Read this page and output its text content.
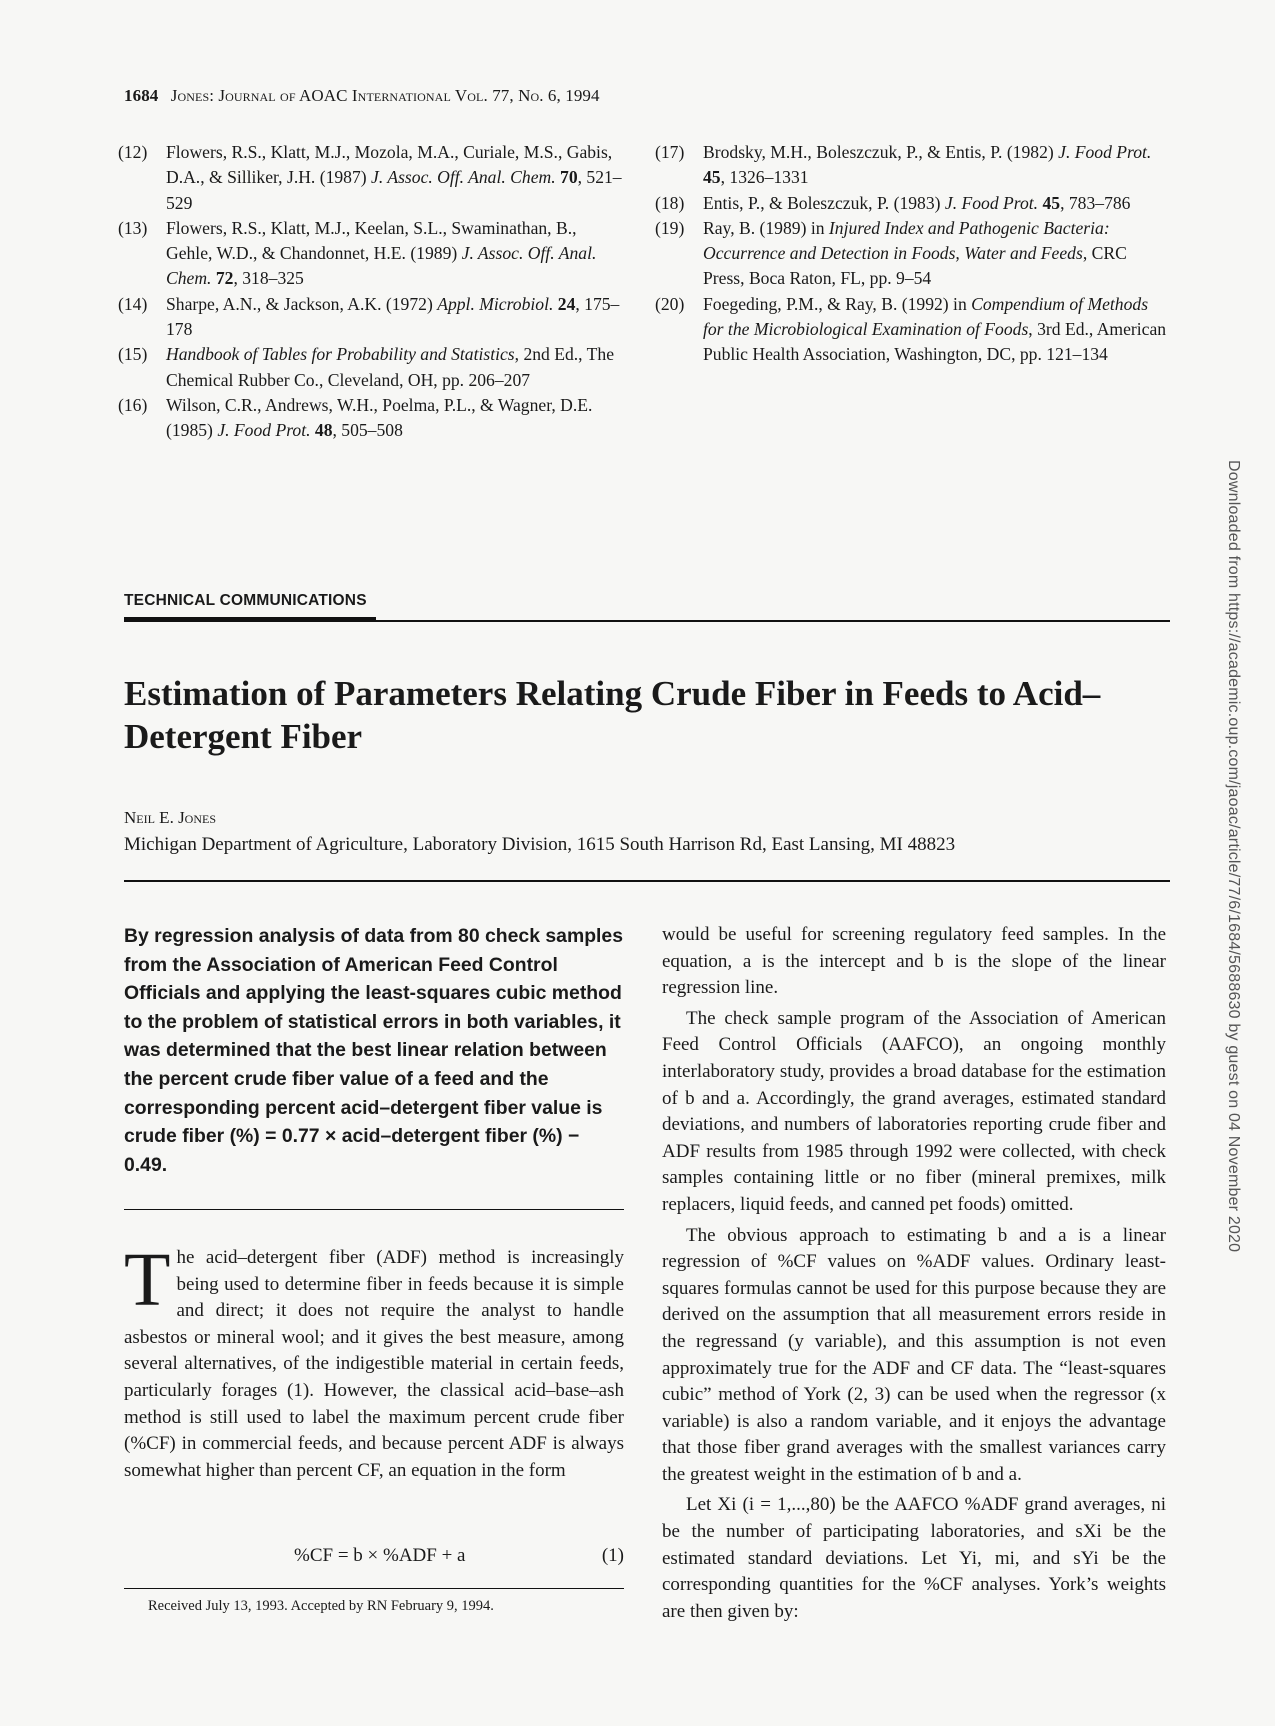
1684 Jones: Journal of AOAC International Vol. 77, No. 6, 1994
(12)	Flowers, R.S., Klatt, M.J., Mozola, M.A., Curiale, M.S., Gabis, D.A., & Silliker, J.H. (1987) J. Assoc. Off. Anal. Chem. 70, 521–529
(13)	Flowers, R.S., Klatt, M.J., Keelan, S.L., Swaminathan, B., Gehle, W.D., & Chandonnet, H.E. (1989) J. Assoc. Off. Anal. Chem. 72, 318–325
(14)	Sharpe, A.N., & Jackson, A.K. (1972) Appl. Microbiol. 24, 175–178
(15)	Handbook of Tables for Probability and Statistics, 2nd Ed., The Chemical Rubber Co., Cleveland, OH, pp. 206–207
(16)	Wilson, C.R., Andrews, W.H., Poelma, P.L., & Wagner, D.E. (1985) J. Food Prot. 48, 505–508
(17)	Brodsky, M.H., Boleszczuk, P., & Entis, P. (1982) J. Food Prot. 45, 1326–1331
(18)	Entis, P., & Boleszczuk, P. (1983) J. Food Prot. 45, 783–786
(19)	Ray, B. (1989) in Injured Index and Pathogenic Bacteria: Occurrence and Detection in Foods, Water and Feeds, CRC Press, Boca Raton, FL, pp. 9–54
(20)	Foegeding, P.M., & Ray, B. (1992) in Compendium of Methods for the Microbiological Examination of Foods, 3rd Ed., American Public Health Association, Washington, DC, pp. 121–134
TECHNICAL COMMUNICATIONS
Estimation of Parameters Relating Crude Fiber in Feeds to Acid–Detergent Fiber
Neil E. Jones
Michigan Department of Agriculture, Laboratory Division, 1615 South Harrison Rd, East Lansing, MI 48823

By regression analysis of data from 80 check samples from the Association of American Feed Control Officials and applying the least-squares cubic method to the problem of statistical errors in both variables, it was determined that the best linear relation between the percent crude fiber value of a feed and the corresponding percent acid–detergent fiber value is crude fiber (%) = 0.77 × acid–detergent fiber (%) − 0.49.

The acid–detergent fiber (ADF) method is increasingly being used to determine fiber in feeds because it is simple and direct; it does not require the analyst to handle asbestos or mineral wool; and it gives the best measure, among several alternatives, of the indigestible material in certain feeds, particularly forages (1). However, the classical acid–base–ash method is still used to label the maximum percent crude fiber (%CF) in commercial feeds, and because percent ADF is always somewhat higher than percent CF, an equation in the form

%CF = b × %ADF + a	(1)
Received July 13, 1993. Accepted by RN February 9, 1994.

would be useful for screening regulatory feed samples. In the equation, a is the intercept and b is the slope of the linear regression line.

The check sample program of the Association of American Feed Control Officials (AAFCO), an ongoing monthly interlaboratory study, provides a broad database for the estimation of b and a. Accordingly, the grand averages, estimated standard deviations, and numbers of laboratories reporting crude fiber and ADF results from 1985 through 1992 were collected, with check samples containing little or no fiber (mineral premixes, milk replacers, liquid feeds, and canned pet foods) omitted.

The obvious approach to estimating b and a is a linear regression of %CF values on %ADF values. Ordinary least-squares formulas cannot be used for this purpose because they are derived on the assumption that all measurement errors reside in the regressand (y variable), and this assumption is not even approximately true for the ADF and CF data. The “least-squares cubic” method of York (2, 3) can be used when the regressor (x variable) is also a random variable, and it enjoys the advantage that those fiber grand averages with the smallest variances carry the greatest weight in the estimation of b and a.

Let Xi (i = 1,...,80) be the AAFCO %ADF grand averages, ni be the number of participating laboratories, and sXi be the estimated standard deviations. Let Yi, mi, and sYi be the corresponding quantities for the %CF analyses. York’s weights are then given by:

Downloaded from https://academic.oup.com/jaoac/article/77/6/1684/5688630 by guest on 04 November 2020
